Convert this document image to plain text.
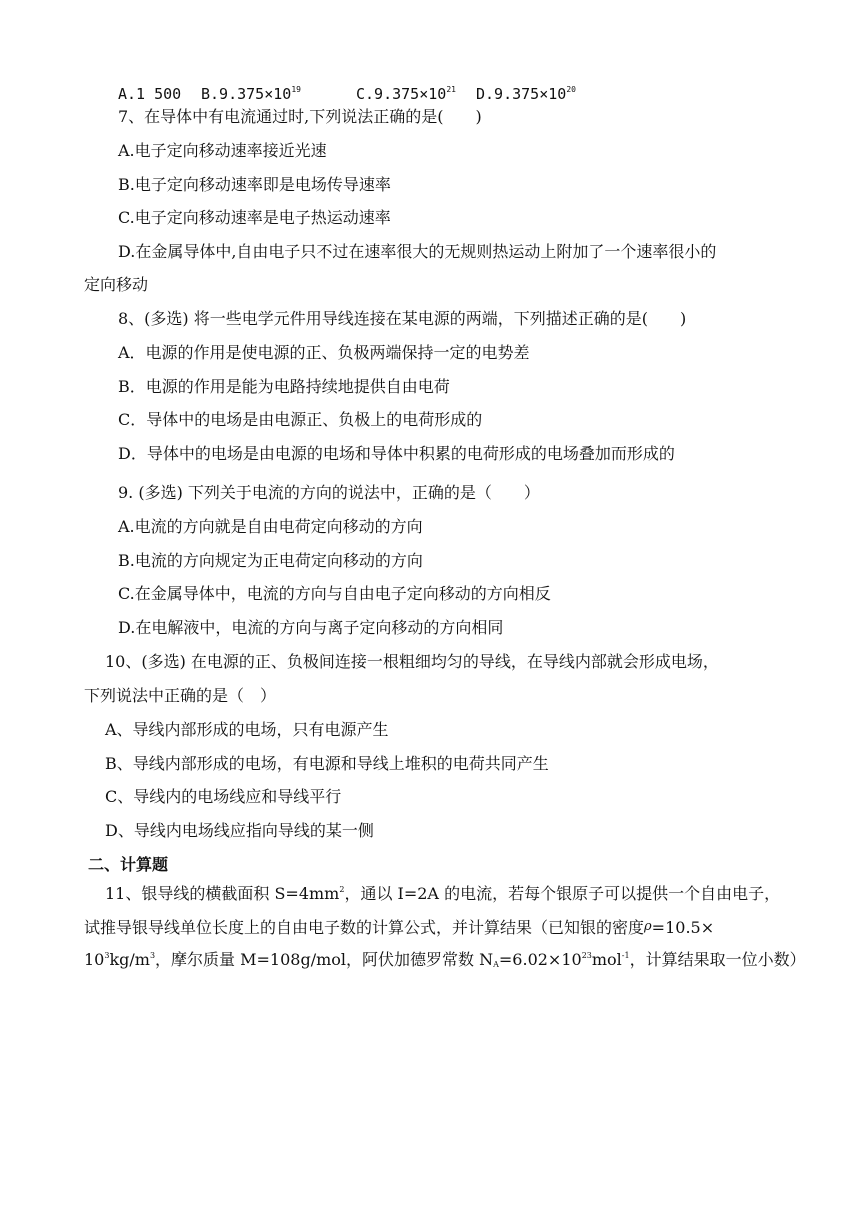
A.1 500 $B.9.375\times 10^{19}$	$C.9.375\times 10^{21}$ $D.9.375\times 10^{20}$
7、在导体中有电流通过时,下列说法正确的是(　　)
A.电子定向移动速率接近光速
B.电子定向移动速率即是电场传导速率
C.电子定向移动速率是电子热运动速率
D.在金属导体中,自由电子只不过在速率很大的无规则热运动上附加了一个速率很小的
定向移动
8、(多选) 将一些电学元件用导线连接在某电源的两端，下列描述正确的是(　　)
A．电源的作用是使电源的正、负极两端保持一定的电势差
B．电源的作用是能为电路持续地提供自由电荷
C．导体中的电场是由电源正、负极上的电荷形成的
D．导体中的电场是由电源的电场和导体中积累的电荷形成的电场叠加而形成的
9. (多选) 下列关于电流的方向的说法中，正确的是（　　）
A.电流的方向就是自由电荷定向移动的方向
B.电流的方向规定为正电荷定向移动的方向
C.在金属导体中，电流的方向与自由电子定向移动的方向相反
D.在电解液中，电流的方向与离子定向移动的方向相同
10、(多选) 在电源的正、负极间连接一根粗细均匀的导线，在导线内部就会形成电场，
下列说法中正确的是（　）
A、导线内部形成的电场，只有电源产生
B、导线内部形成的电场，有电源和导线上堆积的电荷共同产生
C、导线内的电场线应和导线平行
D、导线内电场线应指向导线的某一侧
二、计算题
11、银导线的横截面积 $S=4mm^2$，通以 I=2A 的电流，若每个银原子可以提供一个自由电子，
试推导银导线单位长度上的自由电子数的计算公式，并计算结果（已知银的密度ρ=10.5×
$10^3kg/m^3$，摩尔质量 M=108g/mol，阿伏加德罗常数 $N_A=6.02\times 10^{23}mol^{-1}$，计算结果取一位小数）
